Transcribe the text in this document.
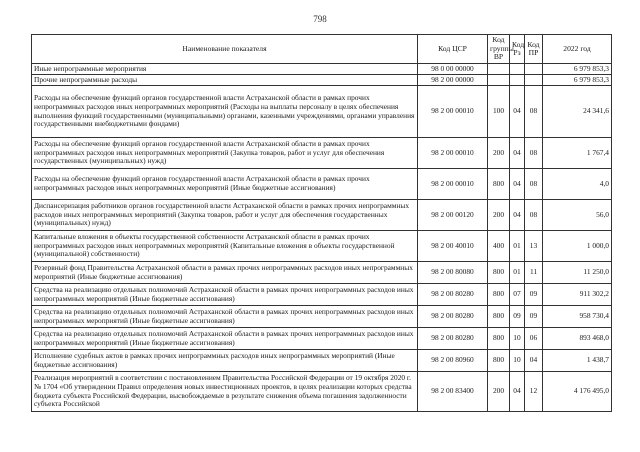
798
Наименование показателя	Код ЦСР	Код группы ВР	Код Рз	Код ПР	2022 год
Иные непрограммные мероприятия	98 0 00 00000				6 979 853,3
Прочие непрограммные расходы	98 2 00 00000				6 979 853,3
Расходы на обеспечение функций органов государственной власти Астраханской области в рамках прочих непрограммных расходов иных непрограммных мероприятий (Расходы на выплаты персоналу в целях обеспечения выполнения функций государственными (муниципальными) органами, казенными учреждениями, органами управления государственными внебюджетными фондами)	98 2 00 00010	100	04	08	24 341,6
Расходы на обеспечение функций органов государственной власти Астраханской области в рамках прочих непрограммных расходов иных непрограммных мероприятий (Закупка товаров, работ и услуг для обеспечения государственных (муниципальных) нужд)	98 2 00 00010	200	04	08	1 767,4
Расходы на обеспечение функций органов государственной власти Астраханской области в рамках прочих непрограммных расходов иных непрограммных мероприятий (Иные бюджетные ассигнования)	98 2 00 00010	800	04	08	4,0
Диспансеризация работников органов государственной власти Астраханской области в рамках прочих непрограммных расходов иных непрограммных мероприятий (Закупка товаров, работ и услуг для обеспечения государственных (муниципальных) нужд)	98 2 00 00120	200	04	08	56,0
Капитальные вложения в объекты государственной собственности Астраханской области в рамках прочих непрограммных расходов иных непрограммных мероприятий (Капитальные вложения в объекты государственной (муниципальной) собственности)	98 2 00 40010	400	01	13	1 000,0
Резервный фонд Правительства Астраханской области в рамках прочих непрограммных расходов иных непрограммных мероприятий (Иные бюджетные ассигнования)	98 2 00 80080	800	01	11	11 250,0
Средства на реализацию отдельных полномочий Астраханской области в рамках прочих непрограммных расходов иных непрограммных мероприятий (Иные бюджетные ассигнования)	98 2 00 80280	800	07	09	911 302,2
Средства на реализацию отдельных полномочий Астраханской области в рамках прочих непрограммных расходов иных непрограммных мероприятий (Иные бюджетные ассигнования)	98 2 00 80280	800	09	09	958 730,4
Средства на реализацию отдельных полномочий Астраханской области в рамках прочих непрограммных расходов иных непрограммных мероприятий (Иные бюджетные ассигнования)	98 2 00 80280	800	10	06	893 468,0
Исполнение судебных актов в рамках прочих непрограммных расходов иных непрограммных мероприятий (Иные бюджетные ассигнования)	98 2 00 80960	800	10	04	1 438,7
Реализация мероприятий в соответствии с постановлением Правительства Российской Федерации от 19 октября 2020 г. № 1704 «Об утверждении Правил определения новых инвестиционных проектов, в целях реализации которых средства бюджета субъекта Российской Федерации, высвобождаемые в результате снижения объема погашения задолженности субъекта Российской	98 2 00 83400	200	04	12	4 176 495,0
